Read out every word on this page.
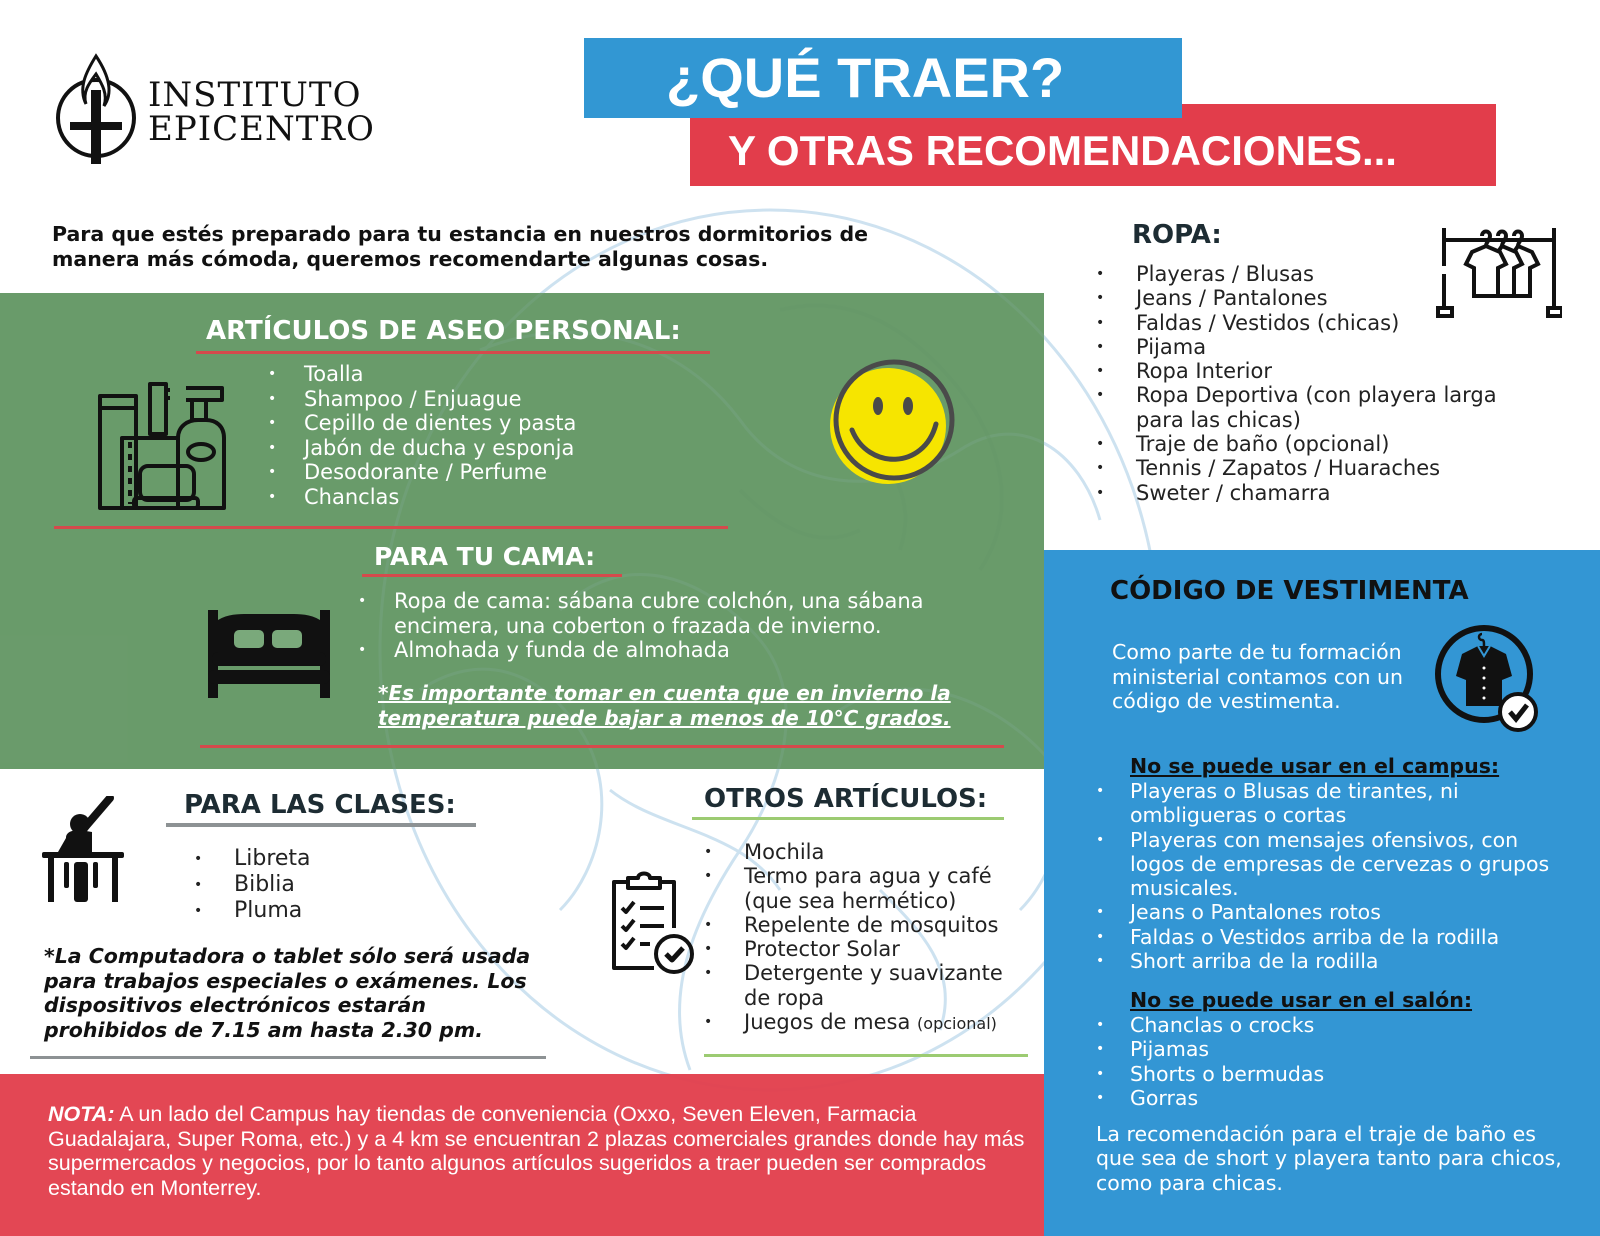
INSTITUTO
EPICENTRO	Y OTRAS RECOMENDACIONES...
¿QUÉ TRAER?
Para que estés preparado para tu estancia en nuestros dormitorios de manera más cómoda, queremos recomendarte algunas cosas.
ARTÍCULOS DE ASEO PERSONAL:
• Toalla
• Shampoo / Enjuague
• Cepillo de dientes y pasta
• Jabón de ducha y esponja
• Desodorante / Perfume
• Chanclas
PARA TU CAMA:
• Ropa de cama: sábana cubre colchón, una sábana encimera, una coberton o frazada de invierno.
• Almohada y funda de almohada
*Es importante tomar en cuenta que en invierno la temperatura puede bajar a menos de 10°C grados.
ROPA:
• Playeras / Blusas
• Jeans / Pantalones
• Faldas / Vestidos (chicas)
• Pijama
• Ropa Interior
• Ropa Deportiva (con playera larga para las chicas)
• Traje de baño (opcional)
• Tennis / Zapatos / Huaraches
• Sweter / chamarra
CÓDIGO DE VESTIMENTA
Como parte de tu formación ministerial contamos con un código de vestimenta.
No se puede usar en el campus:
• Playeras o Blusas de tirantes, ni ombligueras o cortas
• Playeras con mensajes ofensivos, con logos de empresas de cervezas o grupos musicales.
• Jeans o Pantalones rotos
• Faldas o Vestidos arriba de la rodilla
• Short arriba de la rodilla
No se puede usar en el salón:
• Chanclas o crocks
• Pijamas
• Shorts o bermudas
• Gorras
La recomendación para el traje de baño es que sea de short y playera tanto para chicos, como para chicas.
PARA LAS CLASES:
• Libreta
• Biblia
• Pluma
*La Computadora o tablet sólo será usada para trabajos especiales o exámenes. Los dispositivos electrónicos estarán prohibidos de 7.15 am hasta 2.30 pm.
OTROS ARTÍCULOS:
• Mochila
• Termo para agua y café (que sea hermético)
• Repelente de mosquitos
• Protector Solar
• Detergente y suavizante de ropa
• Juegos de mesa (opcional)
NOTA: A un lado del Campus hay tiendas de conveniencia (Oxxo, Seven Eleven, Farmacia Guadalajara, Super Roma, etc.) y a 4 km se encuentran 2 plazas comerciales grandes donde hay más supermercados y negocios, por lo tanto algunos artículos sugeridos a traer pueden ser comprados estando en Monterrey.
